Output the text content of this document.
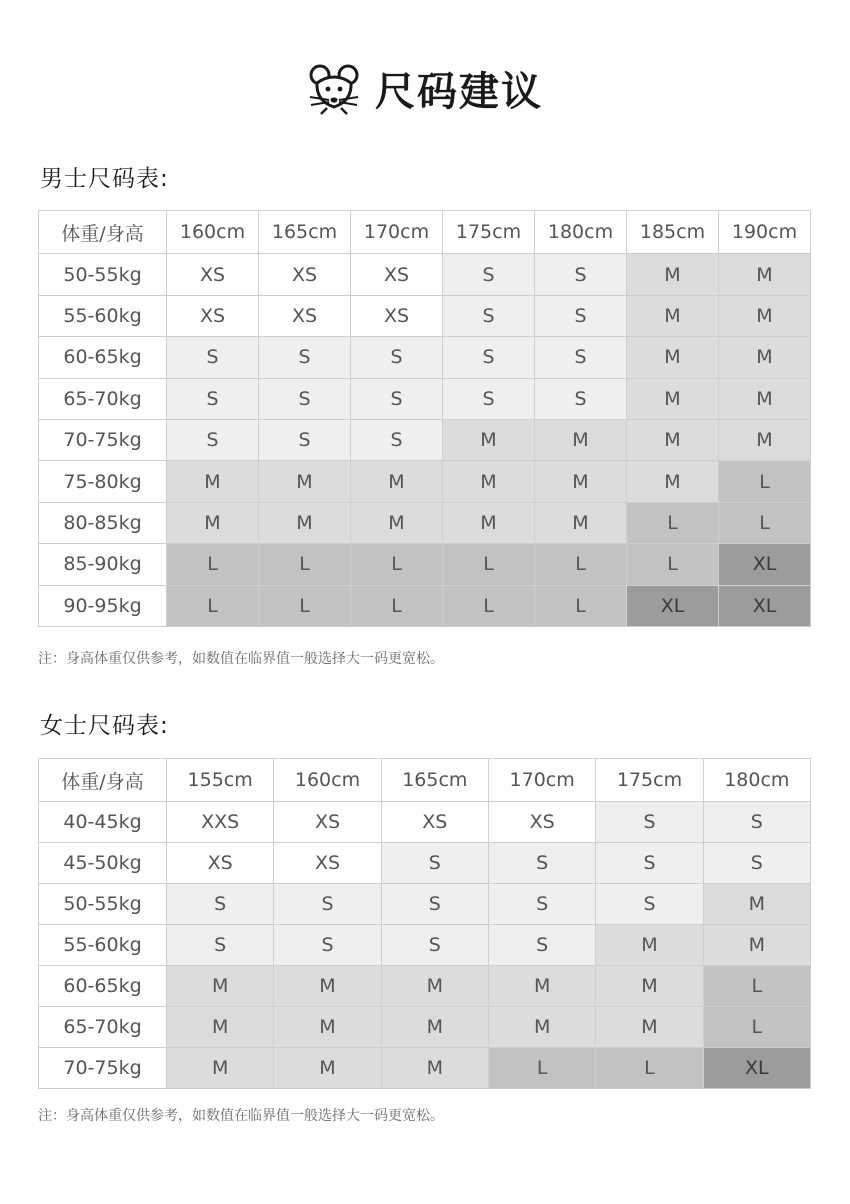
尺码建议
男士尺码表:
体重/身高	160cm	165cm	170cm	175cm	180cm	185cm	190cm
50-55kg	XS	XS	XS	S	S	M	M
55-60kg	XS	XS	XS	S	S	M	M
60-65kg	S	S	S	S	S	M	M
65-70kg	S	S	S	S	S	M	M
70-75kg	S	S	S	M	M	M	M
75-80kg	M	M	M	M	M	M	L
80-85kg	M	M	M	M	M	L	L
85-90kg	L	L	L	L	L	L	XL
90-95kg	L	L	L	L	L	XL	XL
注：身高体重仅供参考，如数值在临界值一般选择大一码更宽松。
女士尺码表:
体重/身高	155cm	160cm	165cm	170cm	175cm	180cm
40-45kg	XXS	XS	XS	XS	S	S
45-50kg	XS	XS	S	S	S	S
50-55kg	S	S	S	S	S	M
55-60kg	S	S	S	S	M	M
60-65kg	M	M	M	M	M	L
65-70kg	M	M	M	M	M	L
70-75kg	M	M	M	L	L	XL
注：身高体重仅供参考，如数值在临界值一般选择大一码更宽松。
